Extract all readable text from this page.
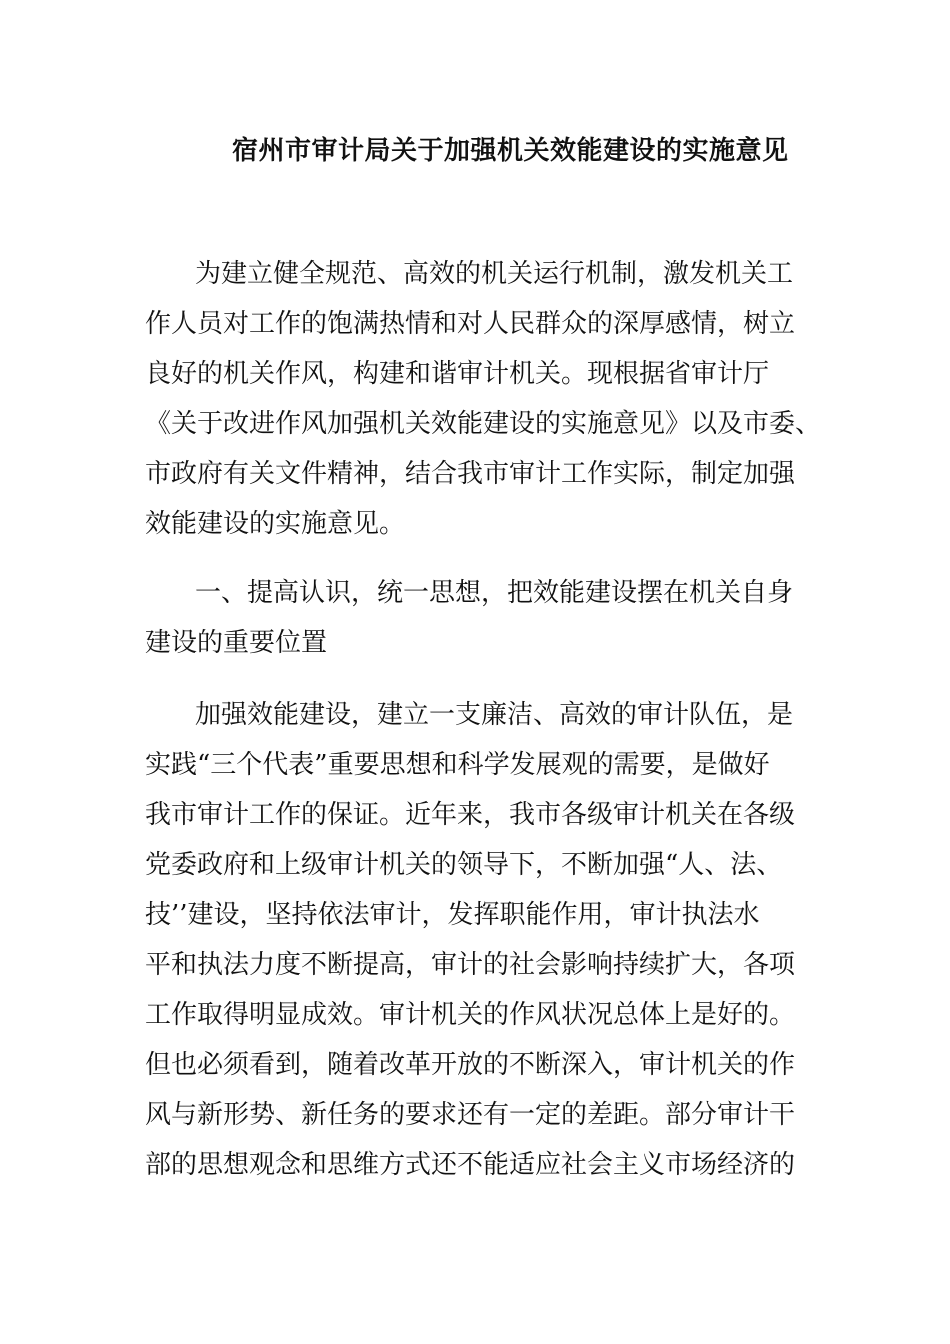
宿州市审计局关于加强机关效能建设的实施意见
为建立健全规范、高效的机关运行机制，激发机关工
作人员对工作的饱满热情和对人民群众的深厚感情，树立
良好的机关作风，构建和谐审计机关。现根据省审计厅
《关于改进作风加强机关效能建设的实施意见》以及市委、
市政府有关文件精神，结合我市审计工作实际，制定加强
效能建设的实施意见。
一、提高认识，统一思想，把效能建设摆在机关自身
建设的重要位置
加强效能建设，建立一支廉洁、高效的审计队伍，是
实践“三个代表”重要思想和科学发展观的需要，是做好
我市审计工作的保证。近年来，我市各级审计机关在各级
党委政府和上级审计机关的领导下，不断加强“人、法、
技’’建设，坚持依法审计，发挥职能作用，审计执法水
平和执法力度不断提高，审计的社会影响持续扩大，各项
工作取得明显成效。审计机关的作风状况总体上是好的。
但也必须看到，随着改革开放的不断深入，审计机关的作
风与新形势、新任务的要求还有一定的差距。部分审计干
部的思想观念和思维方式还不能适应社会主义市场经济的
